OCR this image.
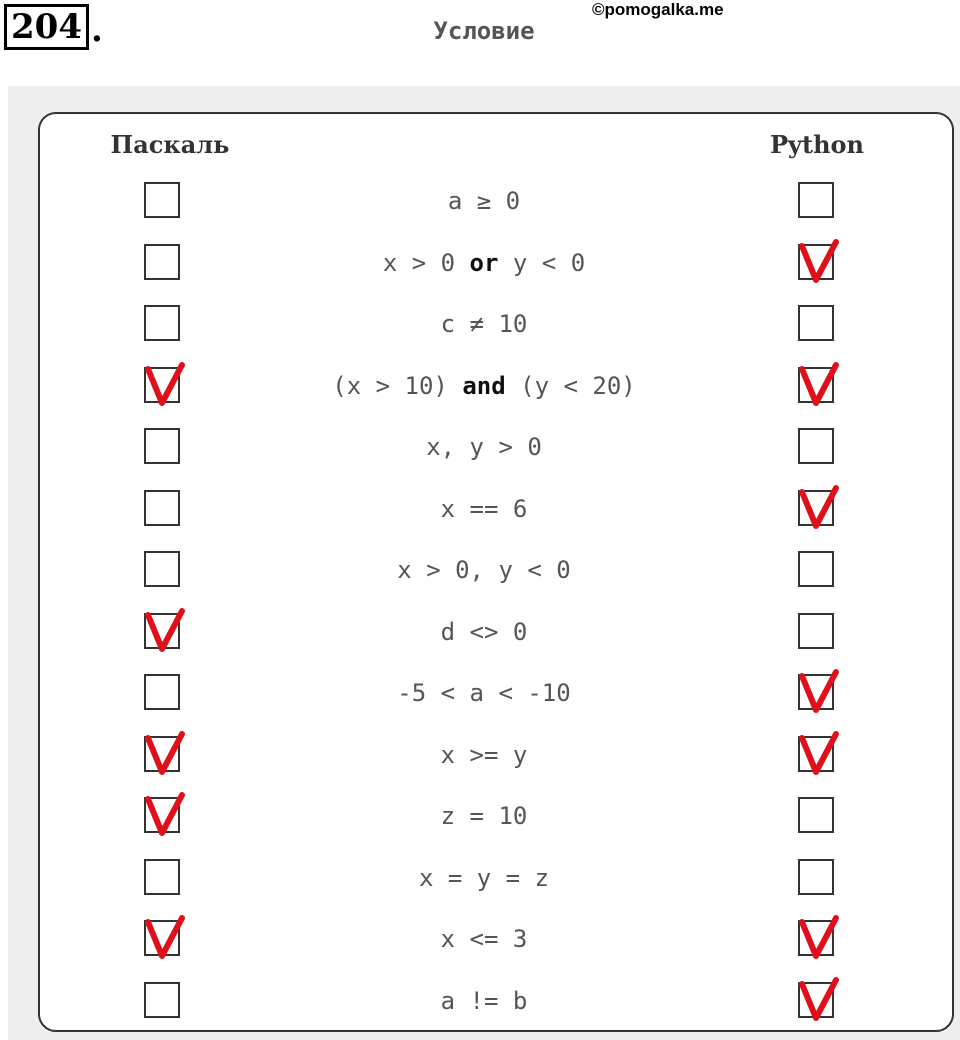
204 .
©pomogalka.me
Паскаль
Условие
Python
a ≥ 0
x > 0 or y < 0
c ≠ 10
(x > 10) and (y < 20)
x, y > 0
x == 6
x > 0, y < 0
d <> 0
-5 < a < -10
x >= y
z = 10
x = y = z
x <= 3
a != b
